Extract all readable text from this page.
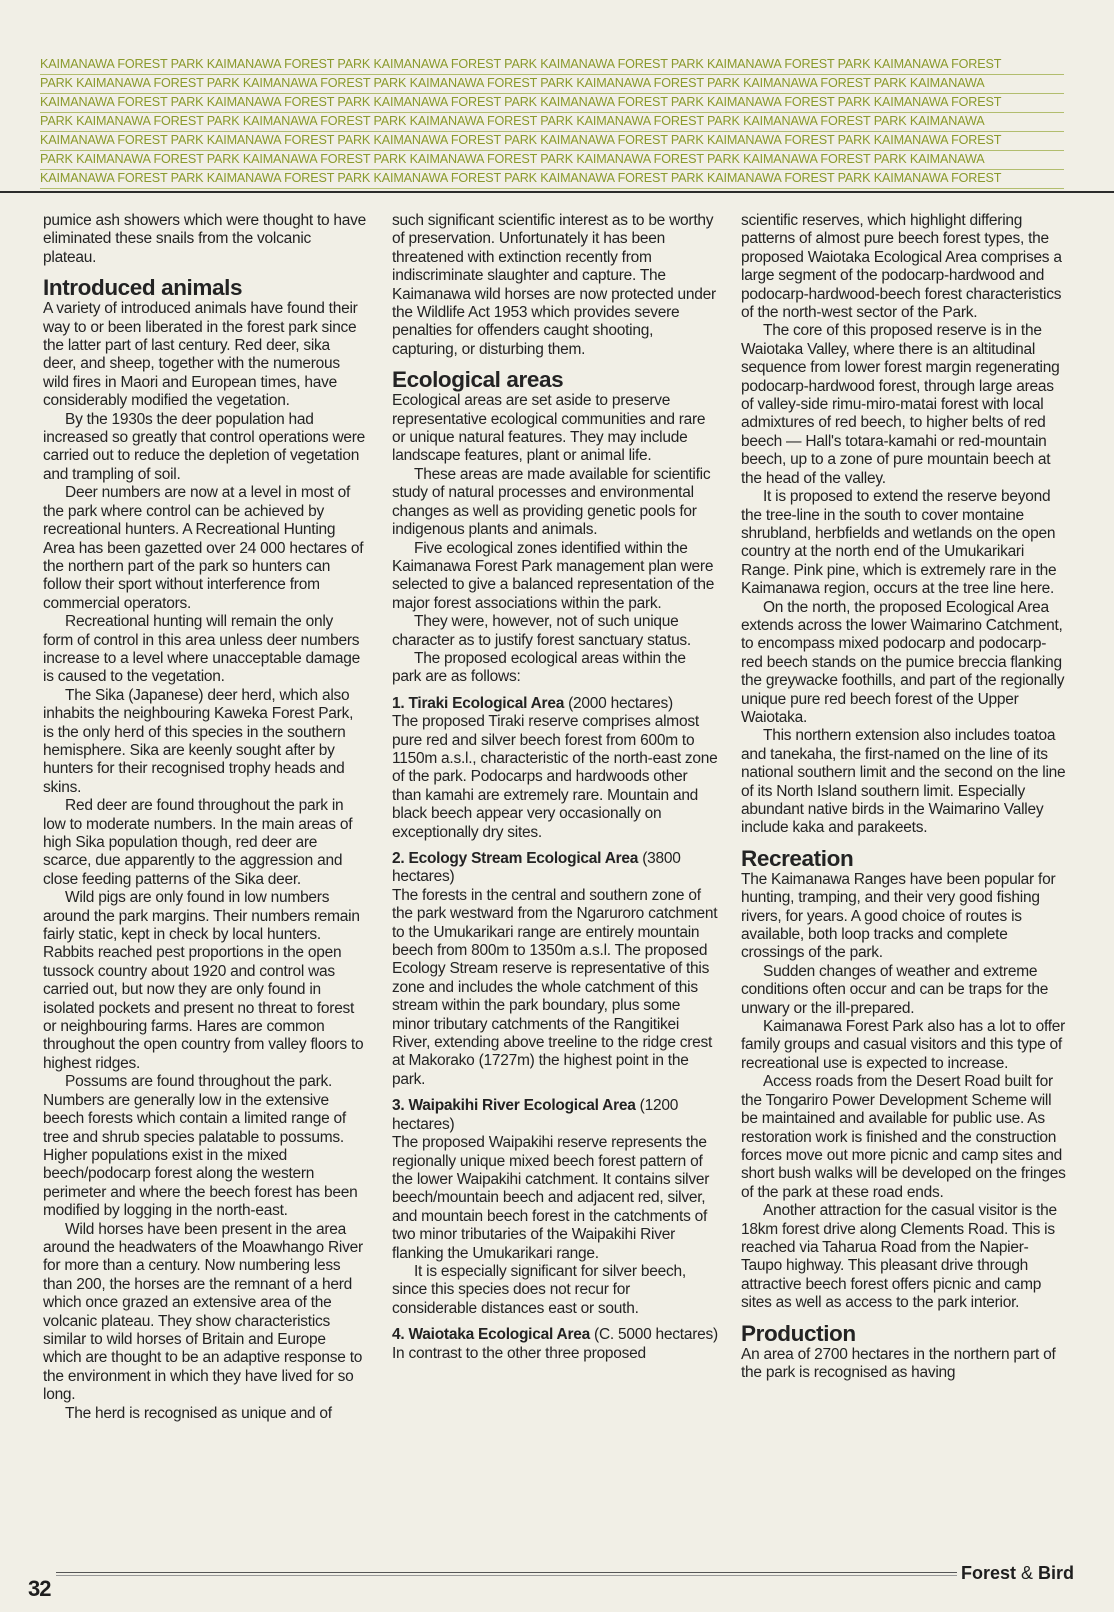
KAIMANAWA FOREST PARK KAIMANAWA FOREST PARK KAIMANAWA FOREST PARK KAIMANAWA FOREST PARK KAIMANAWA FOREST PARK KAIMANAWA FOREST
PARK KAIMANAWA FOREST PARK KAIMANAWA FOREST PARK KAIMANAWA FOREST PARK KAIMANAWA FOREST PARK KAIMANAWA FOREST PARK KAIMANAWA
KAIMANAWA FOREST PARK KAIMANAWA FOREST PARK KAIMANAWA FOREST PARK KAIMANAWA FOREST PARK KAIMANAWA FOREST PARK KAIMANAWA FOREST
PARK KAIMANAWA FOREST PARK KAIMANAWA FOREST PARK KAIMANAWA FOREST PARK KAIMANAWA FOREST PARK KAIMANAWA FOREST PARK KAIMANAWA
KAIMANAWA FOREST PARK KAIMANAWA FOREST PARK KAIMANAWA FOREST PARK KAIMANAWA FOREST PARK KAIMANAWA FOREST PARK KAIMANAWA FOREST
PARK KAIMANAWA FOREST PARK KAIMANAWA FOREST PARK KAIMANAWA FOREST PARK KAIMANAWA FOREST PARK KAIMANAWA FOREST PARK KAIMANAWA
KAIMANAWA FOREST PARK KAIMANAWA FOREST PARK KAIMANAWA FOREST PARK KAIMANAWA FOREST PARK KAIMANAWA FOREST PARK KAIMANAWA FOREST

pumice ash showers which were thought to have eliminated these snails from the volcanic plateau.

Introduced animals

A variety of introduced animals have found their way to or been liberated in the forest park since the latter part of last century. Red deer, sika deer, and sheep, together with the numerous wild fires in Maori and European times, have considerably modified the vegetation.

By the 1930s the deer population had increased so greatly that control operations were carried out to reduce the depletion of vegetation and trampling of soil.

Deer numbers are now at a level in most of the park where control can be achieved by recreational hunters. A Recreational Hunting Area has been gazetted over 24 000 hectares of the northern part of the park so hunters can follow their sport without interference from commercial operators.

Recreational hunting will remain the only form of control in this area unless deer numbers increase to a level where unacceptable damage is caused to the vegetation.

The Sika (Japanese) deer herd, which also inhabits the neighbouring Kaweka Forest Park, is the only herd of this species in the southern hemisphere. Sika are keenly sought after by hunters for their recognised trophy heads and skins.

Red deer are found throughout the park in low to moderate numbers. In the main areas of high Sika population though, red deer are scarce, due apparently to the aggression and close feeding patterns of the Sika deer.

Wild pigs are only found in low numbers around the park margins. Their numbers remain fairly static, kept in check by local hunters. Rabbits reached pest proportions in the open tussock country about 1920 and control was carried out, but now they are only found in isolated pockets and present no threat to forest or neighbouring farms. Hares are common throughout the open country from valley floors to highest ridges.

Possums are found throughout the park. Numbers are generally low in the extensive beech forests which contain a limited range of tree and shrub species palatable to possums. Higher populations exist in the mixed beech/podocarp forest along the western perimeter and where the beech forest has been modified by logging in the north-east.

Wild horses have been present in the area around the headwaters of the Moawhango River for more than a century. Now numbering less than 200, the horses are the remnant of a herd which once grazed an extensive area of the volcanic plateau. They show characteristics similar to wild horses of Britain and Europe which are thought to be an adaptive response to the environment in which they have lived for so long.

The herd is recognised as unique and of

such significant scientific interest as to be worthy of preservation. Unfortunately it has been threatened with extinction recently from indiscriminate slaughter and capture. The Kaimanawa wild horses are now protected under the Wildlife Act 1953 which provides severe penalties for offenders caught shooting, capturing, or disturbing them.

Ecological areas

Ecological areas are set aside to preserve representative ecological communities and rare or unique natural features. They may include landscape features, plant or animal life.

These areas are made available for scientific study of natural processes and environmental changes as well as providing genetic pools for indigenous plants and animals.

Five ecological zones identified within the Kaimanawa Forest Park management plan were selected to give a balanced representation of the major forest associations within the park.

They were, however, not of such unique character as to justify forest sanctuary status.

The proposed ecological areas within the park are as follows:

1. Tiraki Ecological Area (2000 hectares)

The proposed Tiraki reserve comprises almost pure red and silver beech forest from 600m to 1150m a.s.l., characteristic of the north-east zone of the park. Podocarps and hardwoods other than kamahi are extremely rare. Mountain and black beech appear very occasionally on exceptionally dry sites.

2. Ecology Stream Ecological Area (3800 hectares)

The forests in the central and southern zone of the park westward from the Ngaruroro catchment to the Umukarikari range are entirely mountain beech from 800m to 1350m a.s.l. The proposed Ecology Stream reserve is representative of this zone and includes the whole catchment of this stream within the park boundary, plus some minor tributary catchments of the Rangitikei River, extending above treeline to the ridge crest at Makorako (1727m) the highest point in the park.

3. Waipakihi River Ecological Area (1200 hectares)

The proposed Waipakihi reserve represents the regionally unique mixed beech forest pattern of the lower Waipakihi catchment. It contains silver beech/mountain beech and adjacent red, silver, and mountain beech forest in the catchments of two minor tributaries of the Waipakihi River flanking the Umukarikari range.

It is especially significant for silver beech, since this species does not recur for considerable distances east or south.

4. Waiotaka Ecological Area (C. 5000 hectares)

In contrast to the other three proposed

scientific reserves, which highlight differing patterns of almost pure beech forest types, the proposed Waiotaka Ecological Area comprises a large segment of the podocarp-hardwood and podocarp-hardwood-beech forest characteristics of the north-west sector of the Park.

The core of this proposed reserve is in the Waiotaka Valley, where there is an altitudinal sequence from lower forest margin regenerating podocarp-hardwood forest, through large areas of valley-side rimu-miro-matai forest with local admixtures of red beech, to higher belts of red beech — Hall's totara-kamahi or red-mountain beech, up to a zone of pure mountain beech at the head of the valley.

It is proposed to extend the reserve beyond the tree-line in the south to cover montaine shrubland, herbfields and wetlands on the open country at the north end of the Umukarikari Range. Pink pine, which is extremely rare in the Kaimanawa region, occurs at the tree line here.

On the north, the proposed Ecological Area extends across the lower Waimarino Catchment, to encompass mixed podocarp and podocarp-red beech stands on the pumice breccia flanking the greywacke foothills, and part of the regionally unique pure red beech forest of the Upper Waiotaka.

This northern extension also includes toatoa and tanekaha, the first-named on the line of its national southern limit and the second on the line of its North Island southern limit. Especially abundant native birds in the Waimarino Valley include kaka and parakeets.

Recreation

The Kaimanawa Ranges have been popular for hunting, tramping, and their very good fishing rivers, for years. A good choice of routes is available, both loop tracks and complete crossings of the park.

Sudden changes of weather and extreme conditions often occur and can be traps for the unwary or the ill-prepared.

Kaimanawa Forest Park also has a lot to offer family groups and casual visitors and this type of recreational use is expected to increase.

Access roads from the Desert Road built for the Tongariro Power Development Scheme will be maintained and available for public use. As restoration work is finished and the construction forces move out more picnic and camp sites and short bush walks will be developed on the fringes of the park at these road ends.

Another attraction for the casual visitor is the 18km forest drive along Clements Road. This is reached via Taharua Road from the Napier-Taupo highway. This pleasant drive through attractive beech forest offers picnic and camp sites as well as access to the park interior.

Production

An area of 2700 hectares in the northern part of the park is recognised as having

32
Forest & Bird
